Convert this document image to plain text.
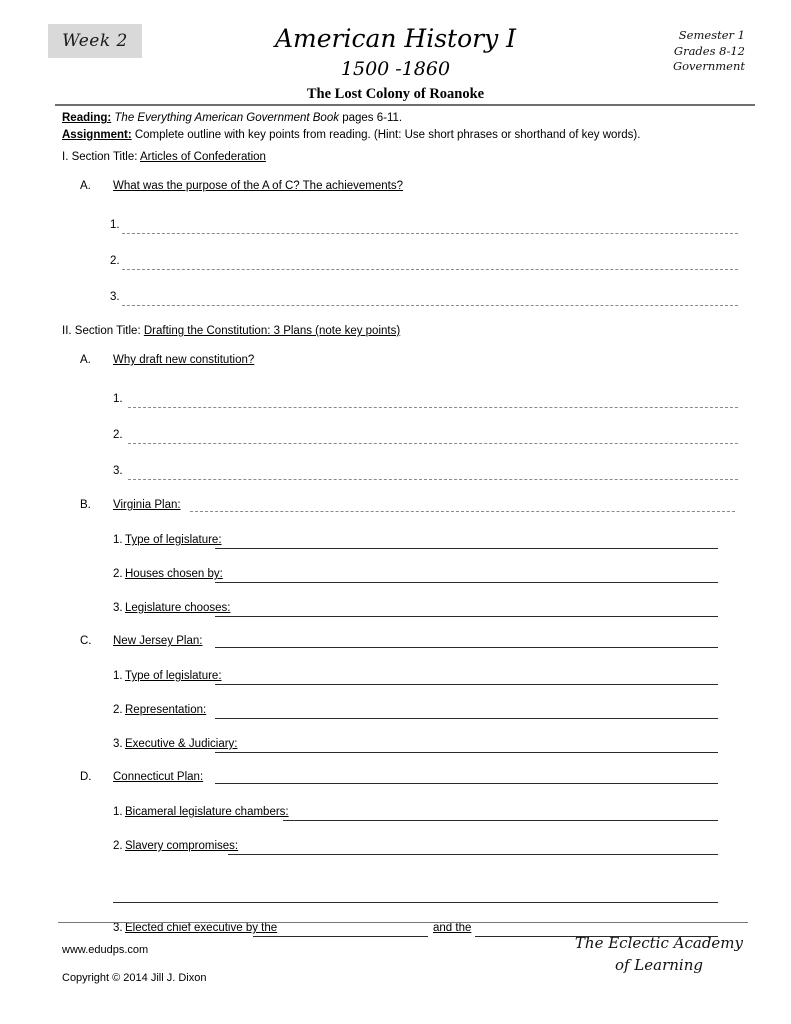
Week 2	American History I
1500 -1860
The Lost Colony of Roanoke
Semester 1
Grades 8-12
Government
Reading: The Everything American Government Book pages 6-11.
Assignment: Complete outline with key points from reading. (Hint: Use short phrases or shorthand of key words).
I. Section Title: Articles of Confederation
A. What was the purpose of the A of C? The achievements?
1.
2.
3.
II. Section Title: Drafting the Constitution: 3 Plans (note key points)
A. Why draft new constitution?
1.
2.
3.
B. Virginia Plan:
1. Type of legislature:
2. Houses chosen by:
3. Legislature chooses:
C. New Jersey Plan:
1. Type of legislature:
2. Representation:
3. Executive & Judiciary:
D. Connecticut Plan:
1. Bicameral legislature chambers:
2. Slavery compromises:
3. Elected chief executive by the	and the
www.edudps.com
Copyright © 2014 Jill J. Dixon
The Eclectic Academy
of Learning
